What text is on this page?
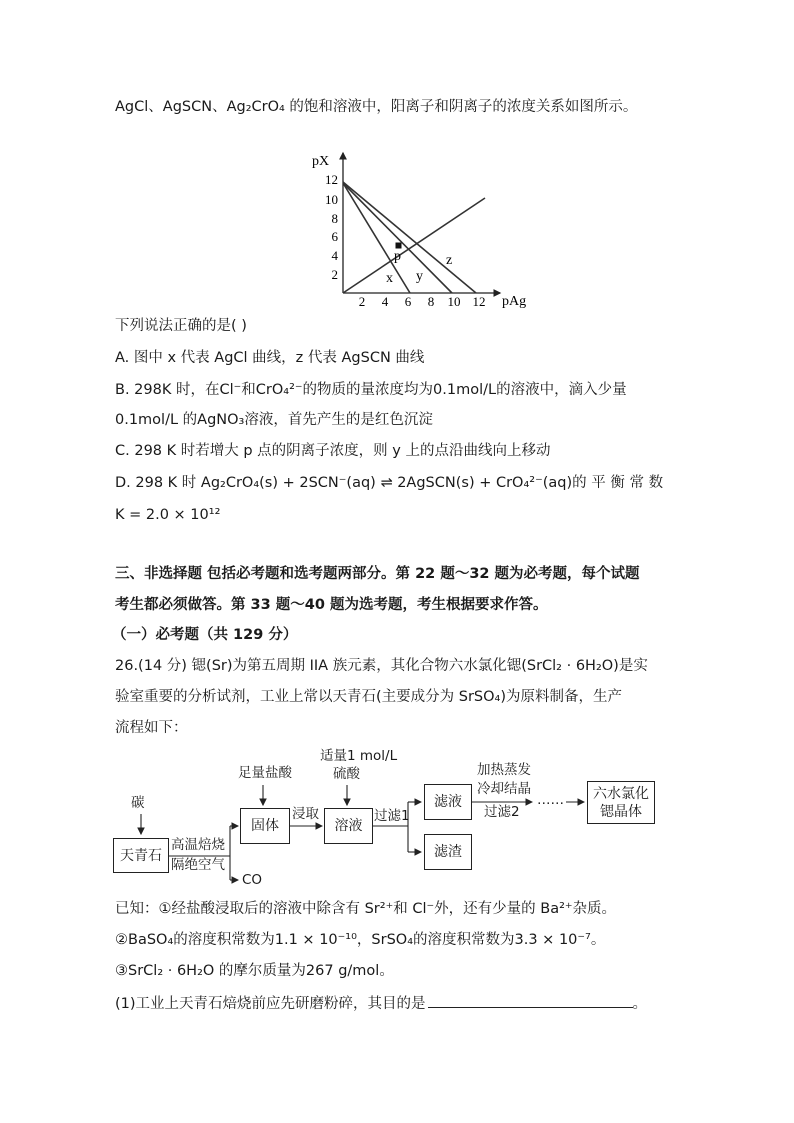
AgCl、AgSCN、Ag₂CrO₄ 的饱和溶液中，阳离子和阴离子的浓度关系如图所示。
pX
pAg
12
10
8
6
4
2
2 4 6 8 10 12
p
x y
z
下列说法正确的是( )
A. 图中 x 代表 AgCl 曲线，z 代表 AgSCN 曲线
B. 298K 时，在Cl⁻和CrO₄²⁻的物质的量浓度均为0.1mol/L的溶液中，滴入少量
0.1mol/L 的AgNO₃溶液，首先产生的是红色沉淀
C. 298 K 时若增大 p 点的阴离子浓度，则 y 上的点沿曲线向上移动
D. 298 K 时 Ag₂CrO₄(s) + 2SCN⁻(aq) ⇌ 2AgSCN(s) + CrO₄²⁻(aq)的 平 衡 常 数
K = 2.0 × 10¹²
三、非选择题 包括必考题和选考题两部分。第 22 题～32 题为必考题，每个试题
考生都必须做答。第 33 题～40 题为选考题，考生根据要求作答。
（一）必考题（共 129 分）
26.(14 分) 锶(Sr)为第五周期 IIA 族元素，其化合物六水氯化锶(SrCl₂ · 6H₂O)是实
验室重要的分析试剂，工业上常以天青石(主要成分为 SrSO₄)为原料制备，生产
流程如下：
碳
天青石
高温焙烧
隔绝空气
CO
足量盐酸
固体
浸取
适量1 mol/L
硫酸
溶液
过滤1
滤液
滤渣
加热蒸发
冷却结晶
过滤2
…… 六水氯化
锶晶体
已知：①经盐酸浸取后的溶液中除含有 Sr²⁺和 Cl⁻外，还有少量的 Ba²⁺杂质。
②BaSO₄的溶度积常数为1.1 × 10⁻¹⁰，SrSO₄的溶度积常数为3.3 × 10⁻⁷。
③SrCl₂ · 6H₂O 的摩尔质量为267 g/mol。
(1)工业上天青石焙烧前应先研磨粉碎，其目的是	。
